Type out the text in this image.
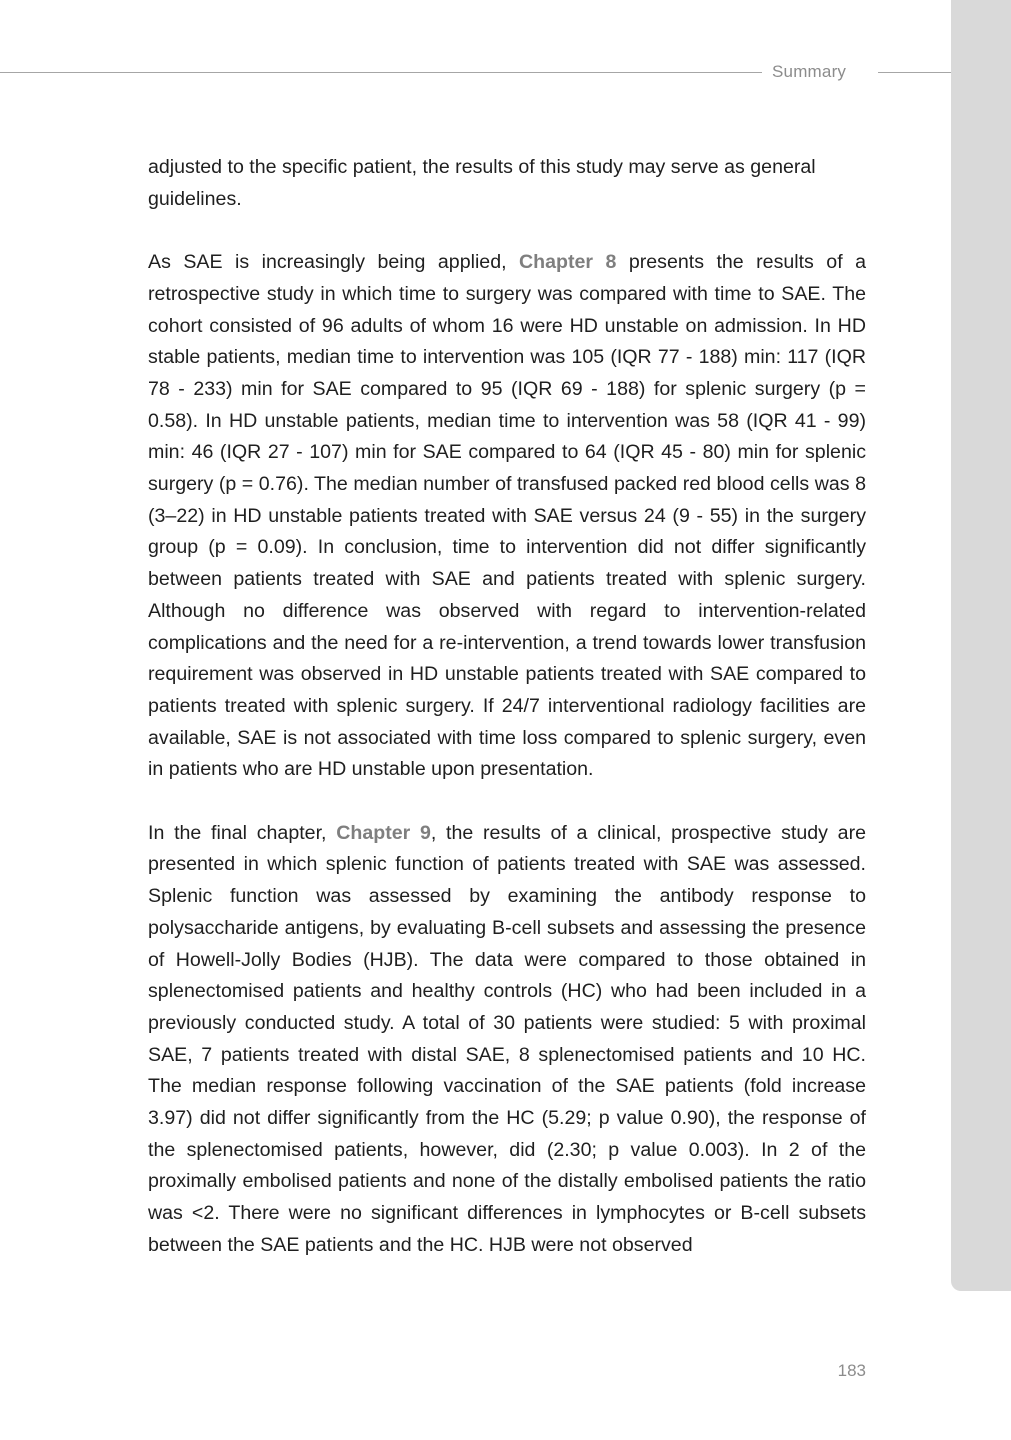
Summary

adjusted to the specific patient, the results of this study may serve as general guidelines.

As SAE is increasingly being applied, Chapter 8 presents the results of a retrospective study in which time to surgery was compared with time to SAE. The cohort consisted of 96 adults of whom 16 were HD unstable on admission. In HD stable patients, median time to intervention was 105 (IQR 77 - 188) min: 117 (IQR 78 - 233) min for SAE compared to 95 (IQR 69 - 188) for splenic surgery (p = 0.58). In HD unstable patients, median time to intervention was 58 (IQR 41 - 99) min: 46 (IQR 27 - 107) min for SAE compared to 64 (IQR 45 - 80) min for splenic surgery (p = 0.76). The median number of transfused packed red blood cells was 8 (3–22) in HD unstable patients treated with SAE versus 24 (9 - 55) in the surgery group (p = 0.09). In conclusion, time to intervention did not differ significantly between patients treated with SAE and patients treated with splenic surgery. Although no difference was observed with regard to intervention-related complications and the need for a re-intervention, a trend towards lower transfusion requirement was observed in HD unstable patients treated with SAE compared to patients treated with splenic surgery. If 24/7 interventional radiology facilities are available, SAE is not associated with time loss compared to splenic surgery, even in patients who are HD unstable upon presentation.

In the final chapter, Chapter 9, the results of a clinical, prospective study are presented in which splenic function of patients treated with SAE was assessed. Splenic function was assessed by examining the antibody response to polysaccharide antigens, by evaluating B-cell subsets and assessing the presence of Howell-Jolly Bodies (HJB). The data were compared to those obtained in splenectomised patients and healthy controls (HC) who had been included in a previously conducted study. A total of 30 patients were studied: 5 with proximal SAE, 7 patients treated with distal SAE, 8 splenectomised patients and 10 HC. The median response following vaccination of the SAE patients (fold increase 3.97) did not differ significantly from the HC (5.29; p value 0.90), the response of the splenectomised patients, however, did (2.30; p value 0.003). In 2 of the proximally embolised patients and none of the distally embolised patients the ratio was <2. There were no significant differences in lymphocytes or B-cell subsets between the SAE patients and the HC. HJB were not observed

183
